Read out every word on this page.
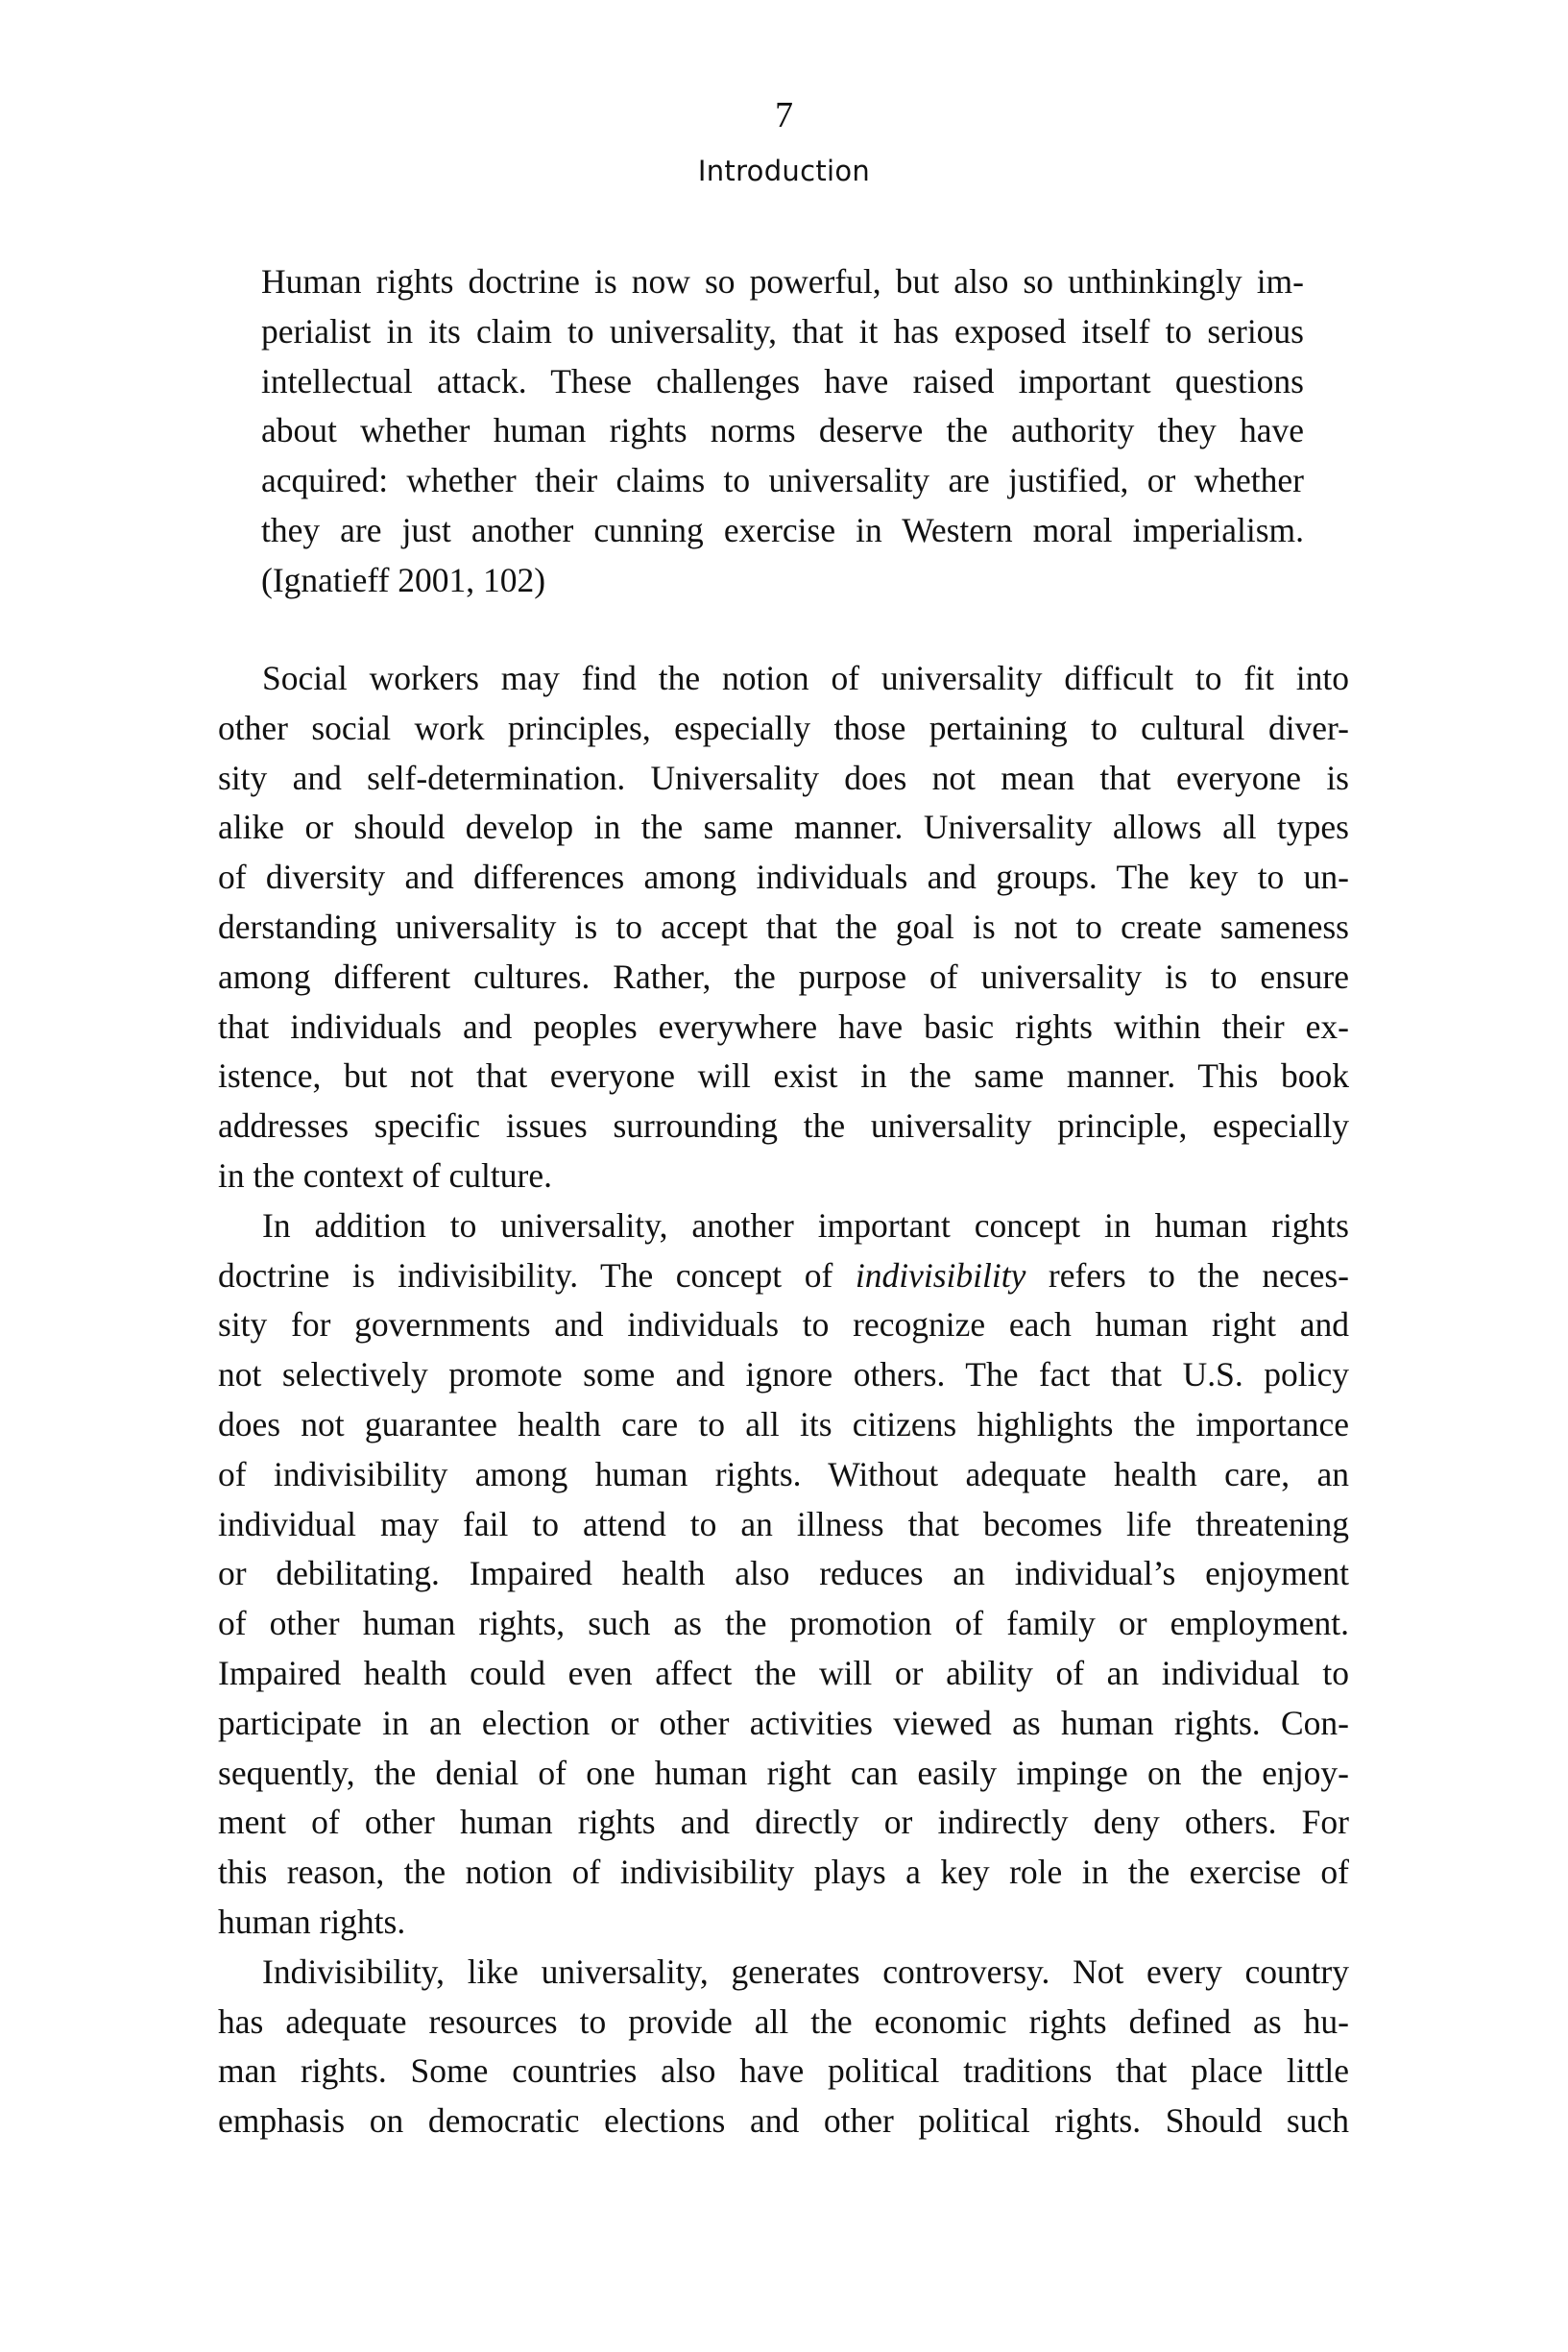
7
Introduction
Human rights doctrine is now so powerful, but also so unthinkingly im-
perialist in its claim to universality, that it has exposed itself to serious
intellectual attack. These challenges have raised important questions
about whether human rights norms deserve the authority they have
acquired: whether their claims to universality are justified, or whether
they are just another cunning exercise in Western moral imperialism.
(Ignatieff 2001, 102)
Social workers may find the notion of universality difficult to fit into
other social work principles, especially those pertaining to cultural diver-
sity and self-determination. Universality does not mean that everyone is
alike or should develop in the same manner. Universality allows all types
of diversity and differences among individuals and groups. The key to un-
derstanding universality is to accept that the goal is not to create sameness
among different cultures. Rather, the purpose of universality is to ensure
that individuals and peoples everywhere have basic rights within their ex-
istence, but not that everyone will exist in the same manner. This book
addresses specific issues surrounding the universality principle, especially
in the context of culture.
In addition to universality, another important concept in human rights
doctrine is indivisibility. The concept of indivisibility refers to the neces-
sity for governments and individuals to recognize each human right and
not selectively promote some and ignore others. The fact that U.S. policy
does not guarantee health care to all its citizens highlights the importance
of indivisibility among human rights. Without adequate health care, an
individual may fail to attend to an illness that becomes life threatening
or debilitating. Impaired health also reduces an individual’s enjoyment
of other human rights, such as the promotion of family or employment.
Impaired health could even affect the will or ability of an individual to
participate in an election or other activities viewed as human rights. Con-
sequently, the denial of one human right can easily impinge on the enjoy-
ment of other human rights and directly or indirectly deny others. For
this reason, the notion of indivisibility plays a key role in the exercise of
human rights.
Indivisibility, like universality, generates controversy. Not every country
has adequate resources to provide all the economic rights defined as hu-
man rights. Some countries also have political traditions that place little
emphasis on democratic elections and other political rights. Should such
